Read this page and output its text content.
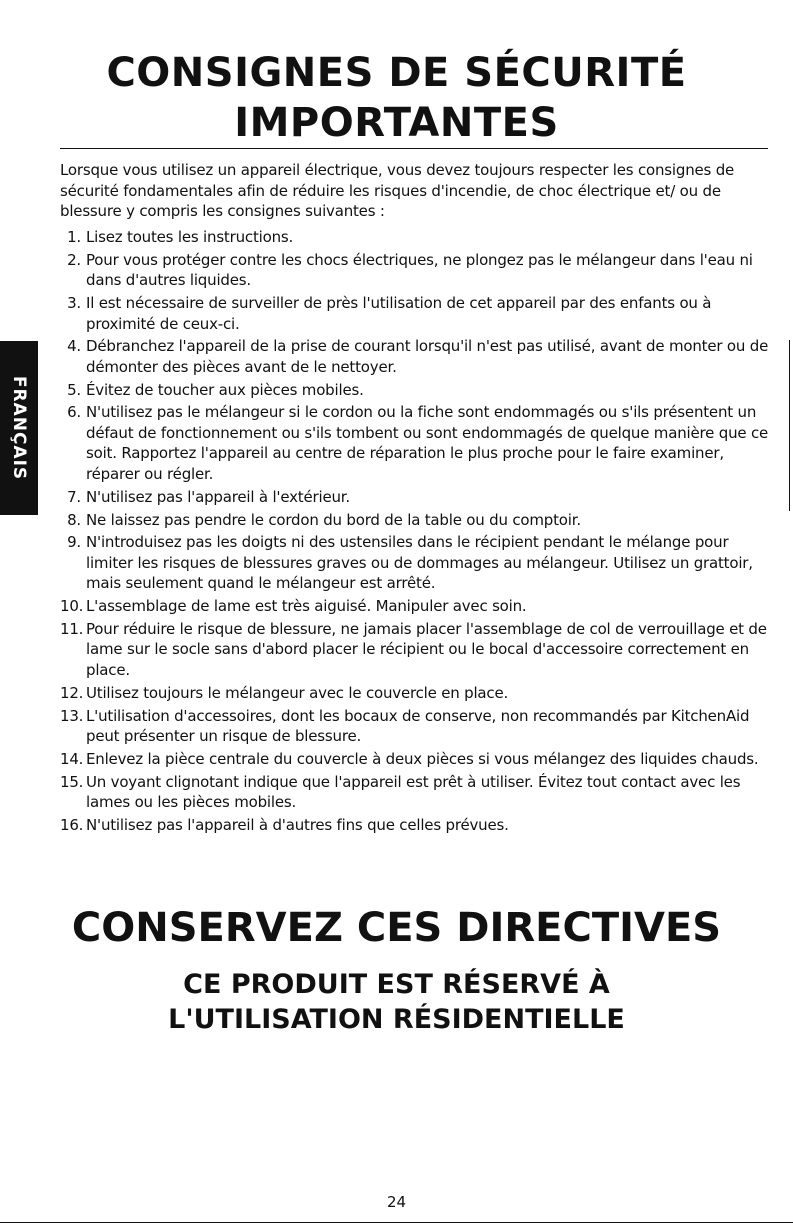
CONSIGNES DE SÉCURITÉ
IMPORTANTES
Lorsque vous utilisez un appareil électrique, vous devez toujours respecter les consignes de sécurité fondamentales afin de réduire les risques d'incendie, de choc électrique et/ ou de blessure y compris les consignes suivantes :
1. Lisez toutes les instructions.
2. Pour vous protéger contre les chocs électriques, ne plongez pas le mélangeur dans l'eau ni dans d'autres liquides.
3. Il est nécessaire de surveiller de près l'utilisation de cet appareil par des enfants ou à proximité de ceux-ci.
4. Débranchez l'appareil de la prise de courant lorsqu'il n'est pas utilisé, avant de monter ou de démonter des pièces avant de le nettoyer.
5. Évitez de toucher aux pièces mobiles.
6. N'utilisez pas le mélangeur si le cordon ou la fiche sont endommagés ou s'ils présentent un défaut de fonctionnement ou s'ils tombent ou sont endommagés de quelque manière que ce soit. Rapportez l'appareil au centre de réparation le plus proche pour le faire examiner, réparer ou régler.
7. N'utilisez pas l'appareil à l'extérieur.
8. Ne laissez pas pendre le cordon du bord de la table ou du comptoir.
9. N'introduisez pas les doigts ni des ustensiles dans le récipient pendant le mélange pour limiter les risques de blessures graves ou de dommages au mélangeur. Utilisez un grattoir, mais seulement quand le mélangeur est arrêté.
10. L'assemblage de lame est très aiguisé. Manipuler avec soin.
11. Pour réduire le risque de blessure, ne jamais placer l'assemblage de col de verrouillage et de lame sur le socle sans d'abord placer le récipient ou le bocal d'accessoire correctement en place.
12. Utilisez toujours le mélangeur avec le couvercle en place.
13. L'utilisation d'accessoires, dont les bocaux de conserve, non recommandés par KitchenAid peut présenter un risque de blessure.
14. Enlevez la pièce centrale du couvercle à deux pièces si vous mélangez des liquides chauds.
15. Un voyant clignotant indique que l'appareil est prêt à utiliser. Évitez tout contact avec les lames ou les pièces mobiles.
16. N'utilisez pas l'appareil à d'autres fins que celles prévues.
CONSERVEZ CES DIRECTIVES
CE PRODUIT EST RÉSERVÉ À
L'UTILISATION RÉSIDENTIELLE
FRANÇAIS
24
